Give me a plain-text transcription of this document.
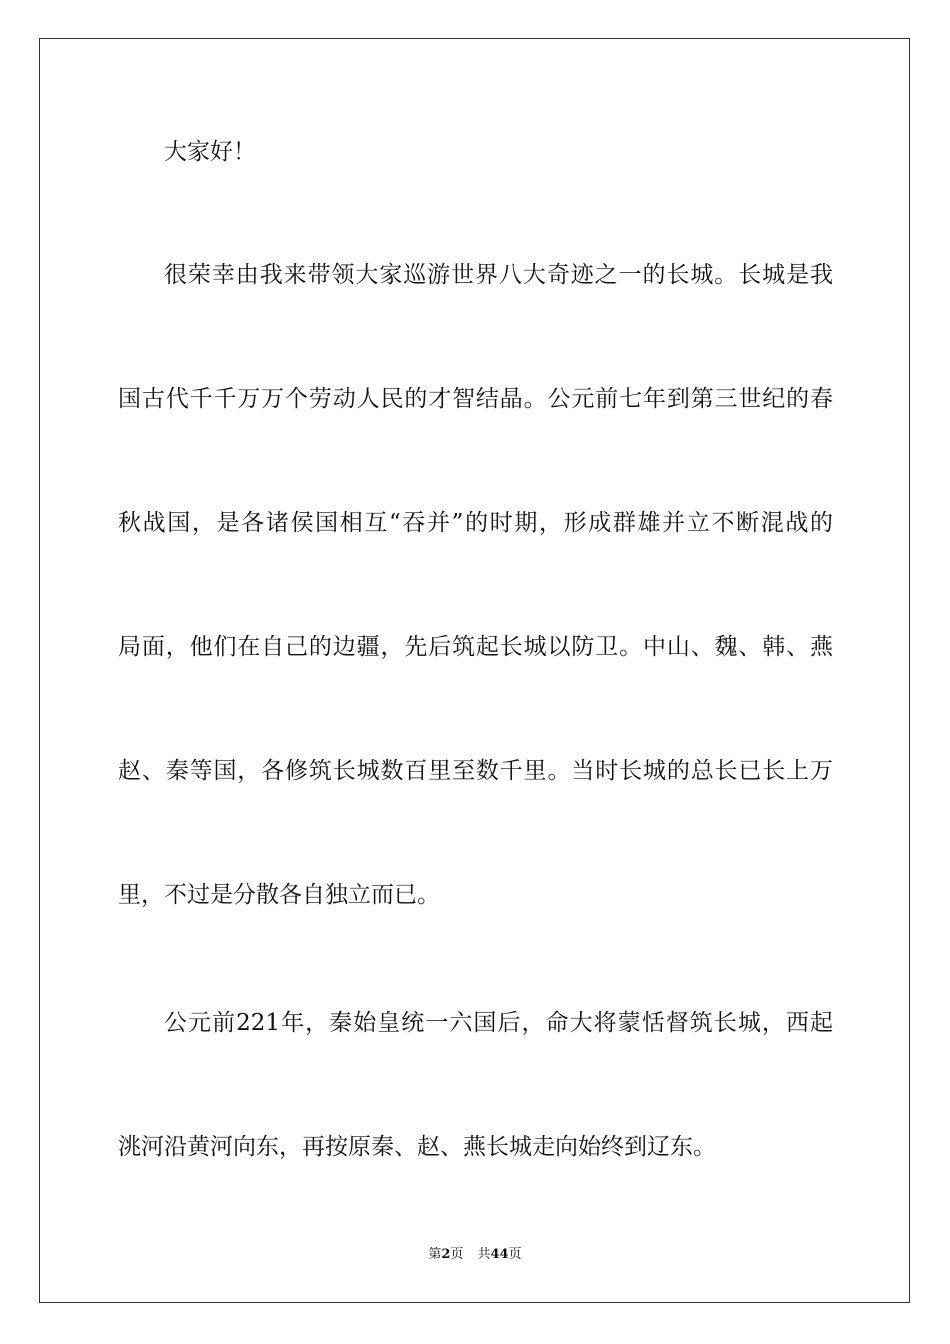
大家好！
很荣幸由我来带领大家巡游世界八大奇迹之一的长城。长城是我
国古代千千万万个劳动人民的才智结晶。公元前七年到第三世纪的春
秋战国，是各诸侯国相互“吞并”的时期，形成群雄并立不断混战的
局面，他们在自己的边疆，先后筑起长城以防卫。中山、魏、韩、燕
赵、秦等国，各修筑长城数百里至数千里。当时长城的总长已长上万
里，不过是分散各自独立而已。
公元前221年，秦始皇统一六国后，命大将蒙恬督筑长城，西起
洮河沿黄河向东，再按原秦、赵、燕长城走向始终到辽东。
第2页 共44页
